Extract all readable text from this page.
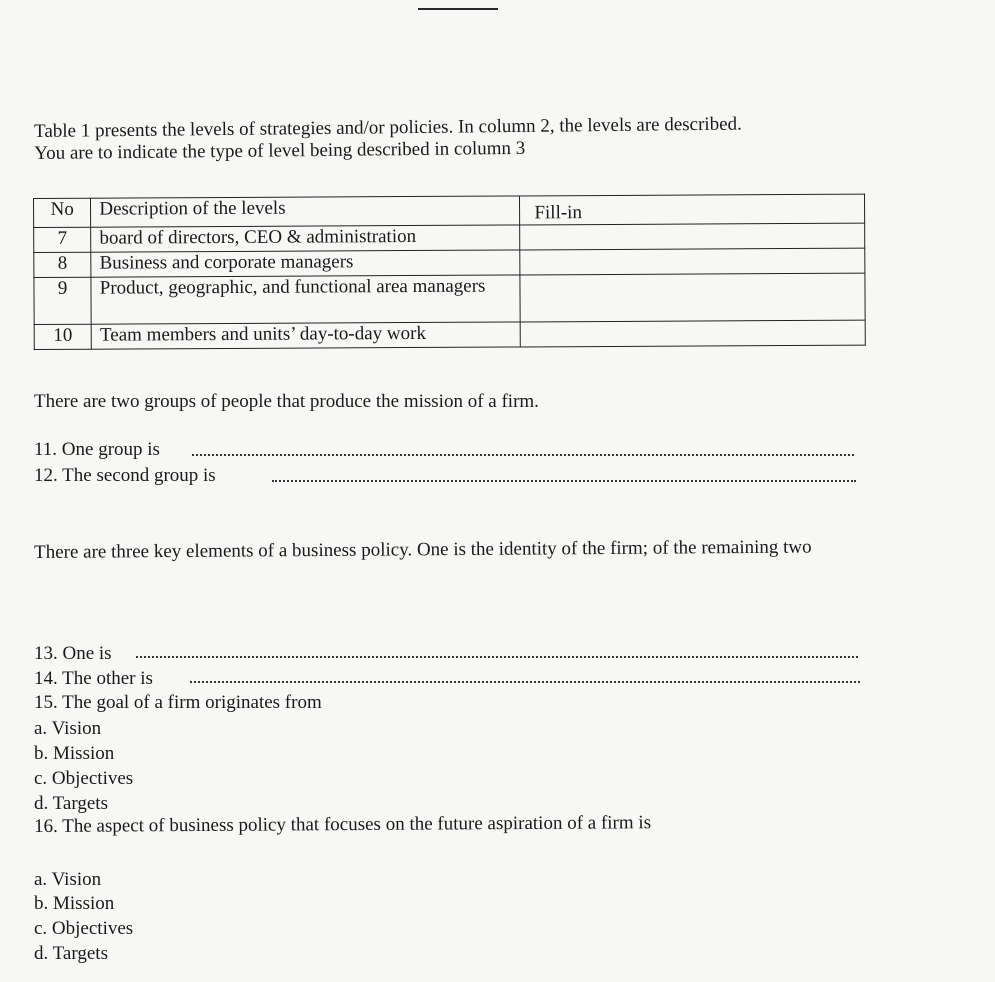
Table 1 presents the levels of strategies and/or policies. In column 2, the levels are described.
You are to indicate the type of level being described in column 3
No	Description of the levels	Fill-in
7	board of directors, CEO & administration	
8	Business and corporate managers	
9	Product, geographic, and functional area managers	
10	Team members and units’ day-to-day work	
There are two groups of people that produce the mission of a firm.
11. One group is
12. The second group is
There are three key elements of a business policy. One is the identity of the firm; of the remaining two
13. One is
14. The other is
15. The goal of a firm originates from
a. Vision
b. Mission
c. Objectives
d. Targets
16. The aspect of business policy that focuses on the future aspiration of a firm is
a. Vision
b. Mission
c. Objectives
d. Targets
